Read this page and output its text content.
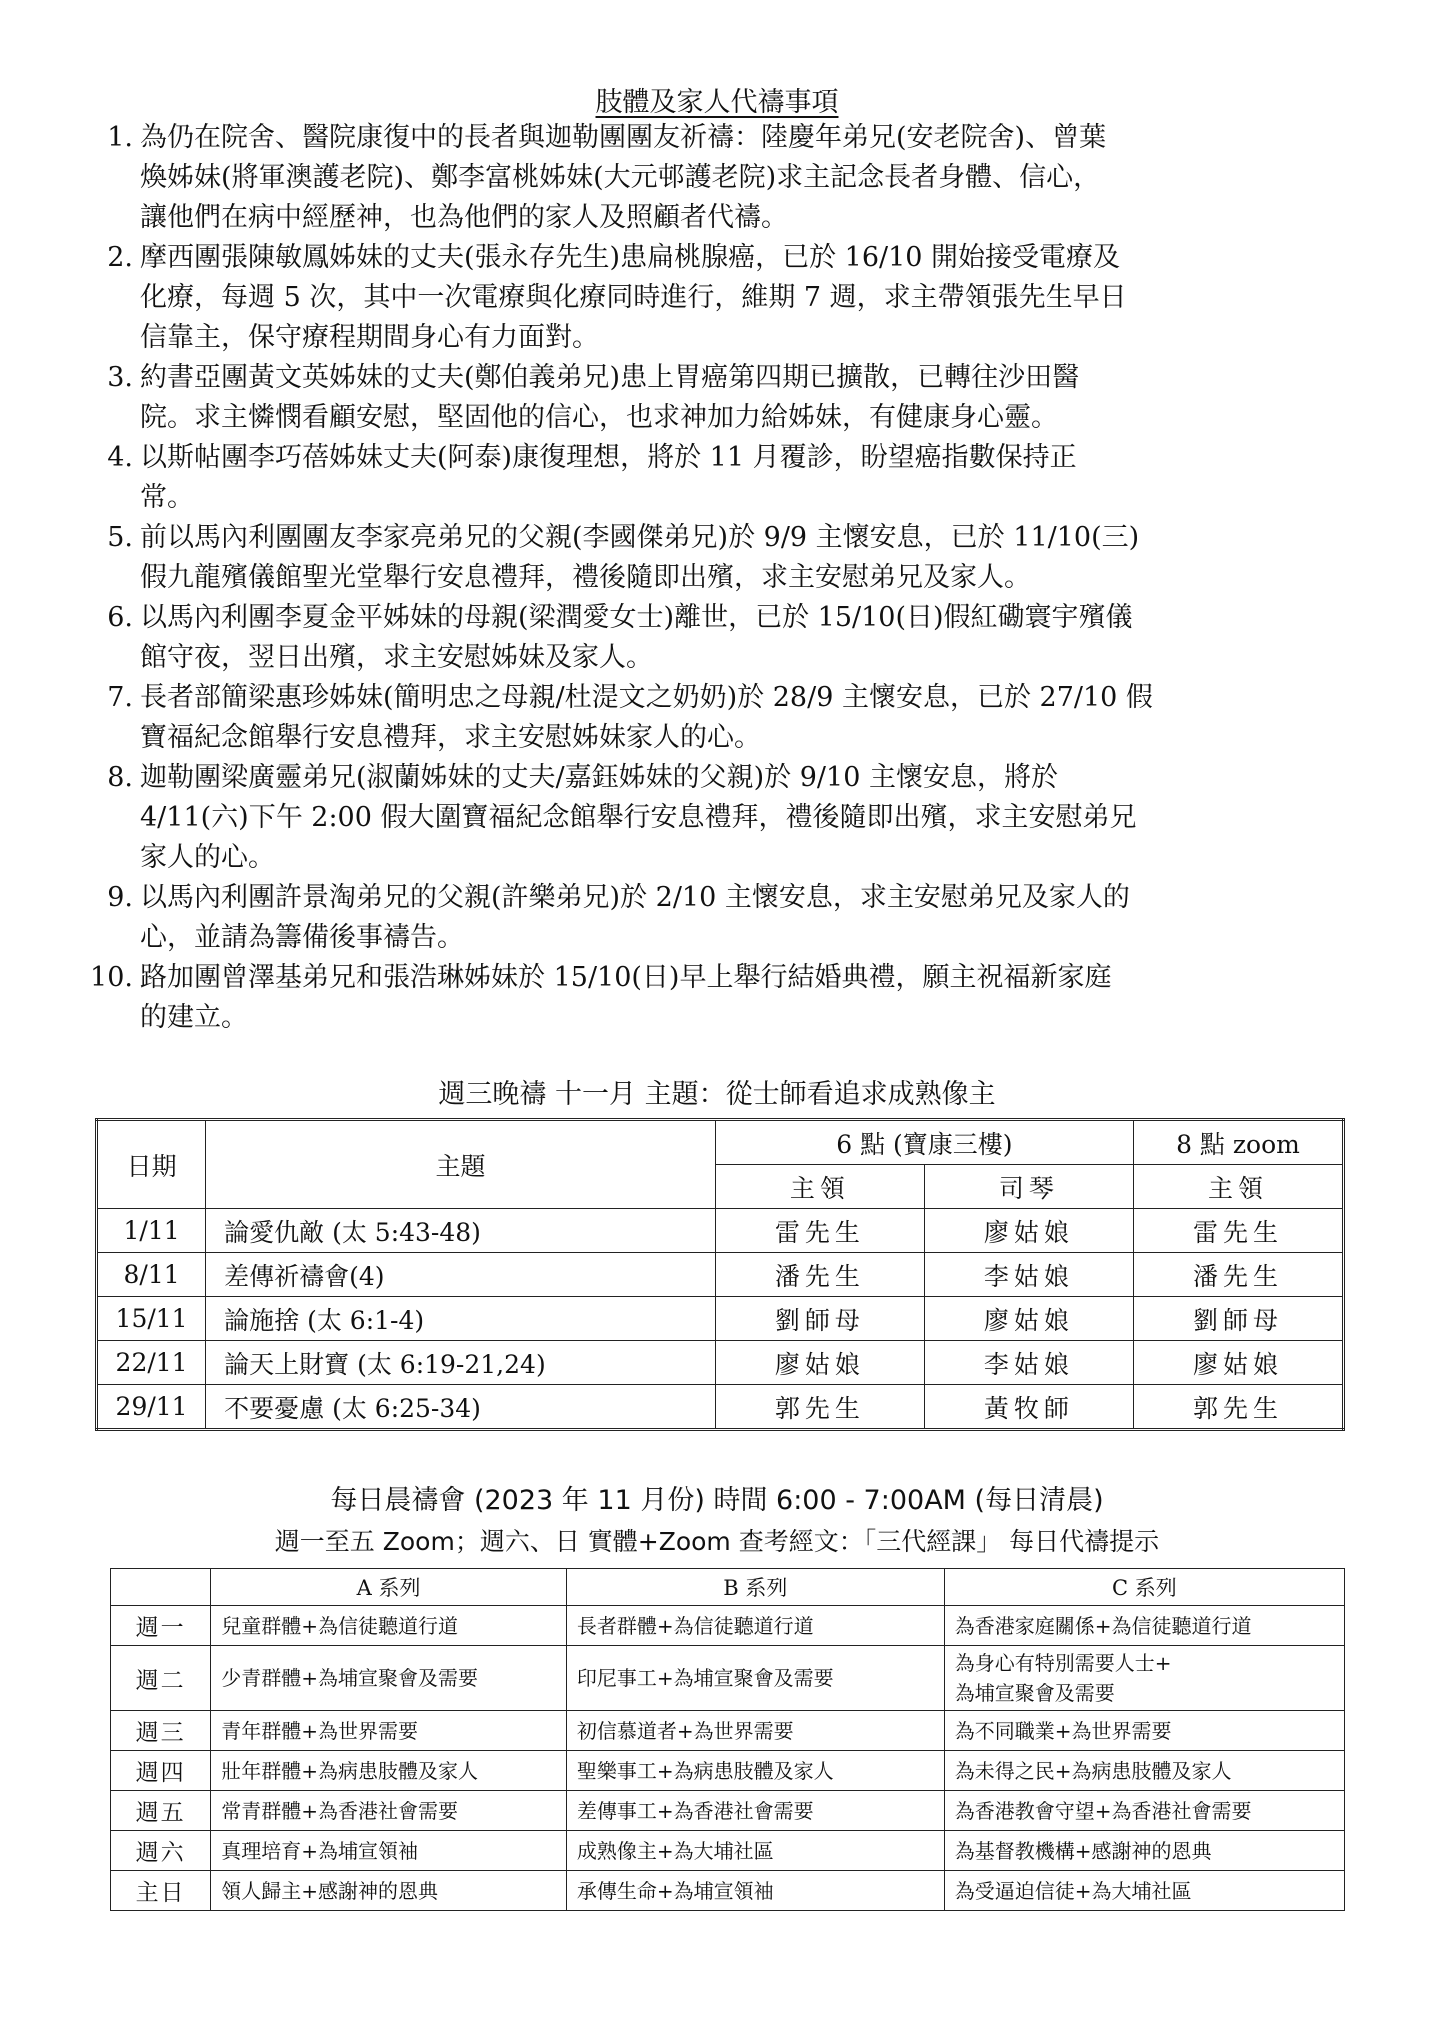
肢體及家人代禱事項
1. 為仍在院舍、醫院康復中的長者與迦勒團團友祈禱：陸慶年弟兄(安老院舍)、曾葉
煥姊妹(將軍澳護老院)、鄭李富桃姊妹(大元邨護老院)求主記念長者身體、信心，
讓他們在病中經歷神，也為他們的家人及照顧者代禱。
2. 摩西團張陳敏鳳姊妹的丈夫(張永存先生)患扁桃腺癌，已於 16/10 開始接受電療及
化療，每週 5 次，其中一次電療與化療同時進行，維期 7 週，求主帶領張先生早日
信靠主，保守療程期間身心有力面對。
3. 約書亞團黃文英姊妹的丈夫(鄭伯義弟兄)患上胃癌第四期已擴散，已轉往沙田醫
院。求主憐憫看顧安慰，堅固他的信心，也求神加力給姊妹，有健康身心靈。
4. 以斯帖團李巧蓓姊妹丈夫(阿泰)康復理想，將於 11 月覆診，盼望癌指數保持正
常。
5. 前以馬內利團團友李家亮弟兄的父親(李國傑弟兄)於 9/9 主懷安息，已於 11/10(三)
假九龍殯儀館聖光堂舉行安息禮拜，禮後隨即出殯，求主安慰弟兄及家人。
6. 以馬內利團李夏金平姊妹的母親(梁潤愛女士)離世，已於 15/10(日)假紅磡寰宇殯儀
館守夜，翌日出殯，求主安慰姊妹及家人。
7. 長者部簡梁惠珍姊妹(簡明忠之母親/杜湜文之奶奶)於 28/9 主懷安息，已於 27/10 假
寶福紀念館舉行安息禮拜，求主安慰姊妹家人的心。
8. 迦勒團梁廣靈弟兄(淑蘭姊妹的丈夫/嘉鈺姊妹的父親)於 9/10 主懷安息，將於
4/11(六)下午 2:00 假大圍寶福紀念館舉行安息禮拜，禮後隨即出殯，求主安慰弟兄
家人的心。
9. 以馬內利團許景淘弟兄的父親(許樂弟兄)於 2/10 主懷安息，求主安慰弟兄及家人的
心，並請為籌備後事禱告。
10. 路加團曾澤基弟兄和張浩琳姊妹於 15/10(日)早上舉行結婚典禮，願主祝福新家庭
的建立。
週三晚禱 十一月 主題：從士師看追求成熟像主
日期	主題	6 點 (寶康三樓)		8 點 zoom
		主領	司琴	主領
1/11	論愛仇敵 (太 5:43-48)	雷先生	廖姑娘	雷先生
8/11	差傳祈禱會(4)	潘先生	李姑娘	潘先生
15/11	論施捨 (太 6:1-4)	劉師母	廖姑娘	劉師母
22/11	論天上財寶 (太 6:19-21,24)	廖姑娘	李姑娘	廖姑娘
29/11	不要憂慮 (太 6:25-34)	郭先生	黃牧師	郭先生
每日晨禱會 (2023 年 11 月份) 時間 6:00 - 7:00AM (每日清晨)
週一至五 Zoom；週六、日 實體+Zoom 查考經文：「三代經課」 每日代禱提示
	A 系列	B 系列	C 系列
週一	兒童群體+為信徒聽道行道	長者群體+為信徒聽道行道	為香港家庭關係+為信徒聽道行道
週二	少青群體+為埔宣聚會及需要	印尼事工+為埔宣聚會及需要	為身心有特別需要人士+
為埔宣聚會及需要
週三	青年群體+為世界需要	初信慕道者+為世界需要	為不同職業+為世界需要
週四	壯年群體+為病患肢體及家人	聖樂事工+為病患肢體及家人	為未得之民+為病患肢體及家人
週五	常青群體+為香港社會需要	差傳事工+為香港社會需要	為香港教會守望+為香港社會需要
週六	真理培育+為埔宣領袖	成熟像主+為大埔社區	為基督教機構+感謝神的恩典
主日	領人歸主+感謝神的恩典	承傳生命+為埔宣領袖	為受逼迫信徒+為大埔社區
